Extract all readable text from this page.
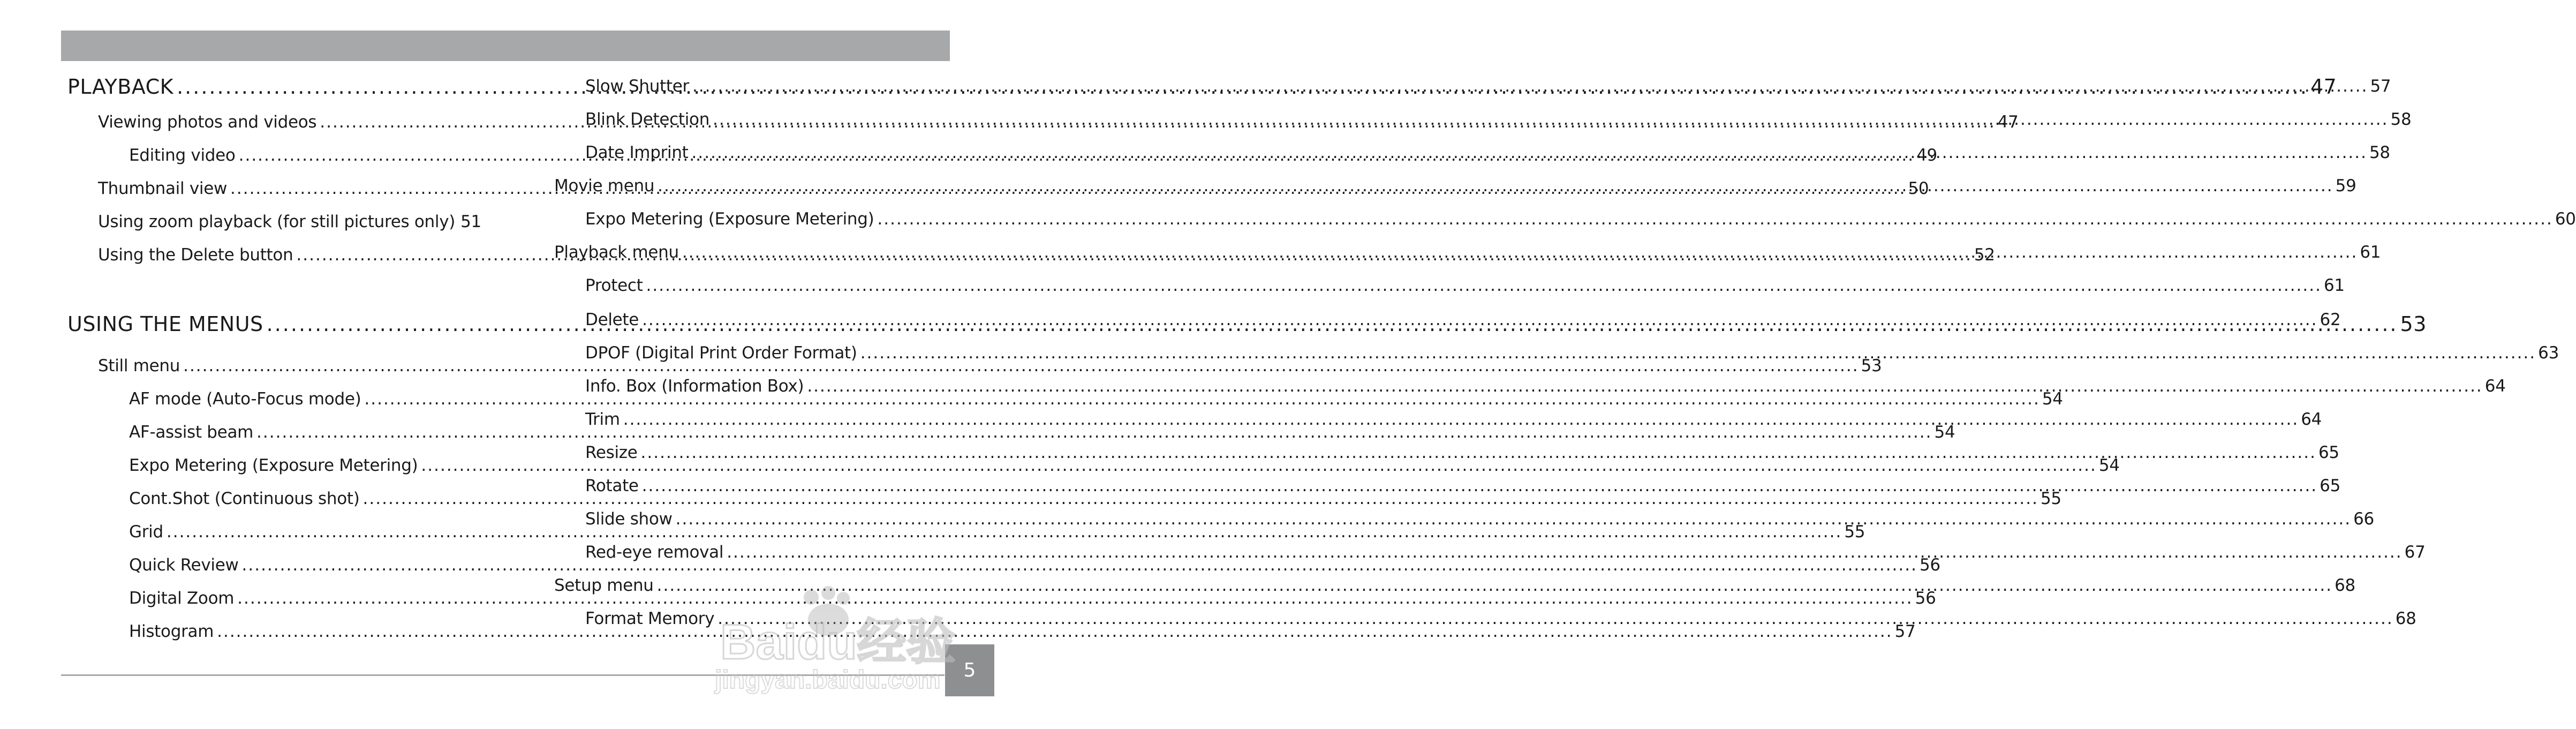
PLAYBACK .....	47
Viewing photos and videos .....	47
Editing video .....	49
Thumbnail view .....	50
Using zoom playback (for still pictures only) 51
Using the Delete button .....	52
USING THE MENUS .....	53
Still menu .....	53
AF mode (Auto-Focus mode) .....	54
AF-assist beam .....	54
Expo Metering (Exposure Metering) .....	54
Cont.Shot (Continuous shot) .....	55
Grid .....	55
Quick Review .....	56
Digital Zoom .....	56
Histogram .....	57
Slow Shutter .....	57
Blink Detection .....	58
Date Imprint .....	58
Movie menu .....	59
Expo Metering (Exposure Metering) .....	60
Playback menu .....	61
Protect .....	61
Delete .....	62
DPOF (Digital Print Order Format) .....	63
Info. Box (Information Box) .....	64
Trim .....	64
Resize .....	65
Rotate .....	65
Slide show .....	66
Red-eye removal .....	67
Setup menu .....	68
Format Memory .....	68
5
Baidu经验
jingyan.baidu.com
